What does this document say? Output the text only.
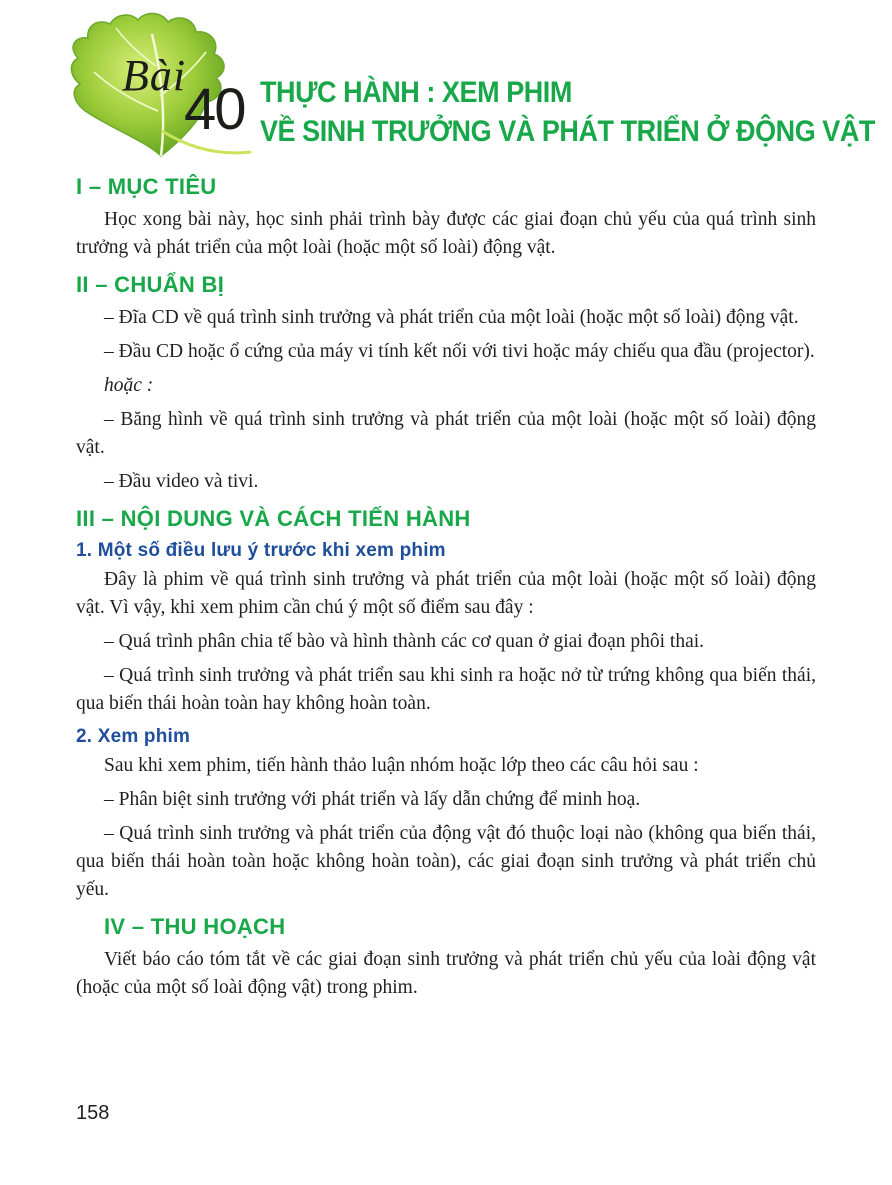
Bài
40 THỰC HÀNH : XEM PHIM
VỀ SINH TRƯỞNG VÀ PHÁT TRIỂN Ở ĐỘNG VẬT
I – MỤC TIÊU

Học xong bài này, học sinh phải trình bày được các giai đoạn chủ yếu của quá trình sinh trưởng và phát triển của một loài (hoặc một số loài) động vật.

II – CHUẨN BỊ

– Đĩa CD về quá trình sinh trưởng và phát triển của một loài (hoặc một số loài) động vật.

– Đầu CD hoặc ổ cứng của máy vi tính kết nối với tivi hoặc máy chiếu qua đầu (projector).

hoặc :

– Băng hình về quá trình sinh trưởng và phát triển của một loài (hoặc một số loài) động vật.

– Đầu video và tivi.

III – NỘI DUNG VÀ CÁCH TIẾN HÀNH
1. Một số điều lưu ý trước khi xem phim

Đây là phim về quá trình sinh trưởng và phát triển của một loài (hoặc một số loài) động vật. Vì vậy, khi xem phim cần chú ý một số điểm sau đây :

– Quá trình phân chia tế bào và hình thành các cơ quan ở giai đoạn phôi thai.

– Quá trình sinh trưởng và phát triển sau khi sinh ra hoặc nở từ trứng không qua biến thái, qua biến thái hoàn toàn hay không hoàn toàn.

2. Xem phim

Sau khi xem phim, tiến hành thảo luận nhóm hoặc lớp theo các câu hỏi sau :

– Phân biệt sinh trưởng với phát triển và lấy dẫn chứng để minh hoạ.

– Quá trình sinh trưởng và phát triển của động vật đó thuộc loại nào (không qua biến thái, qua biến thái hoàn toàn hoặc không hoàn toàn), các giai đoạn sinh trưởng và phát triển chủ yếu.

IV – THU HOẠCH

Viết báo cáo tóm tắt về các giai đoạn sinh trưởng và phát triển chủ yếu của loài động vật (hoặc của một số loài động vật) trong phim.

158
